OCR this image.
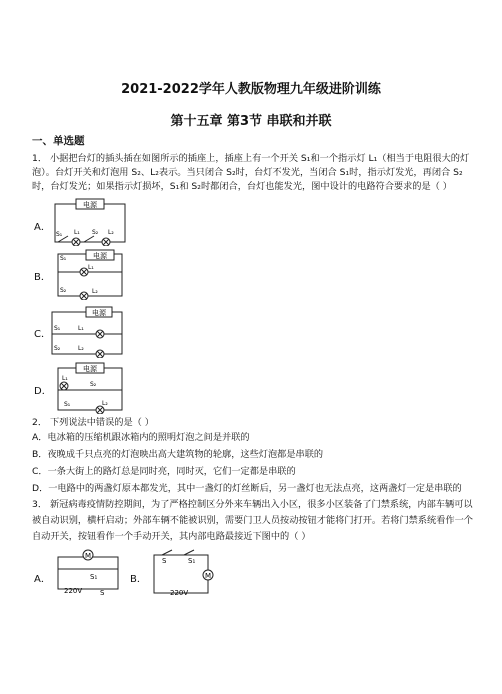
2021-2022学年人教版物理九年级进阶训练
第十五章 第3节 串联和并联
一、单选题
1． 小据把台灯的插头插在如图所示的插座上，插座上有一个开关 S₁和一个指示灯 L₁（相当于电阻很大的灯
泡）。台灯开关和灯泡用 S₂、L₂表示。当只闭合 S₂时，台灯不发光，当闭合 S₁时，指示灯发光，再闭合 S₂
时，台灯发光；如果指示灯损坏，S₁和 S₂时都闭合，台灯也能发光，图中设计的电路符合要求的是（ ）
A．
电源
S₁ L₁ S₂ L₂
B．
电源
S₁
L₁
S₂	L₂
C．
电源
S₁	L₁
S₂	L₂
D．
电源
L₁
S₂
S₁	L₂
2． 下列说法中错误的是（ ）
A．电冰箱的压缩机跟冰箱内的照明灯泡之间是并联的
B．夜晚成千只点亮的灯泡映出高大建筑物的轮廓，这些灯泡都是串联的
C．一条大街上的路灯总是同时亮，同时灭，它们一定都是串联的
D．一电路中的两盏灯原本都发光，其中一盏灯的灯丝断后，另一盏灯也无法点亮，这两盏灯一定是串联的
3． 新冠病毒疫情防控期间，为了严格控制区分外来车辆出入小区，很多小区装备了门禁系统，内部车辆可以
被自动识别，横杆启动；外部车辆不能被识别，需要门卫人员按动按钮才能将门打开。若将门禁系统看作一个
自动开关，按钮看作一个手动开关，其内部电路最接近下图中的（ ）
A．
M
S₁
220V	S
B．	M
S	S₁
220V
